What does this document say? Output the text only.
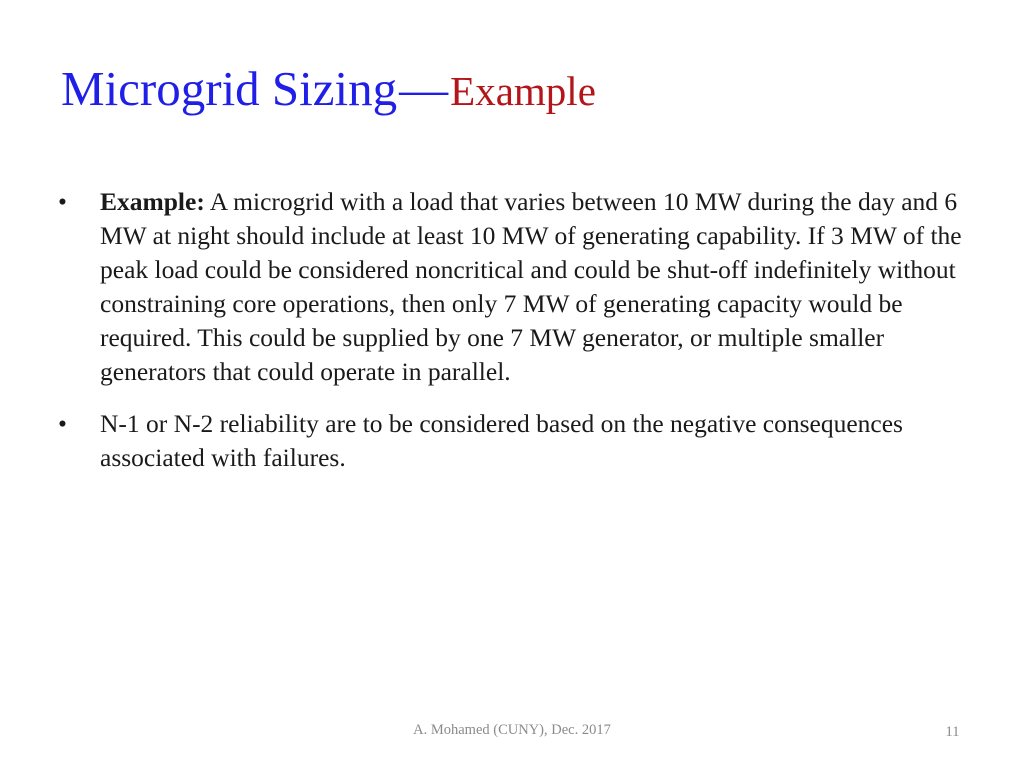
Microgrid Sizing—Example
•	Example: A microgrid with a load that varies between 10 MW during the day and 6 MW at night should include at least 10 MW of generating capability. If 3 MW of the peak load could be considered noncritical and could be shut-off indefinitely without constraining core operations, then only 7 MW of generating capacity would be required. This could be supplied by one 7 MW generator, or multiple smaller generators that could operate in parallel.
•	N-1 or N-2 reliability are to be considered based on the negative consequences associated with failures.
A. Mohamed (CUNY), Dec. 2017	11
